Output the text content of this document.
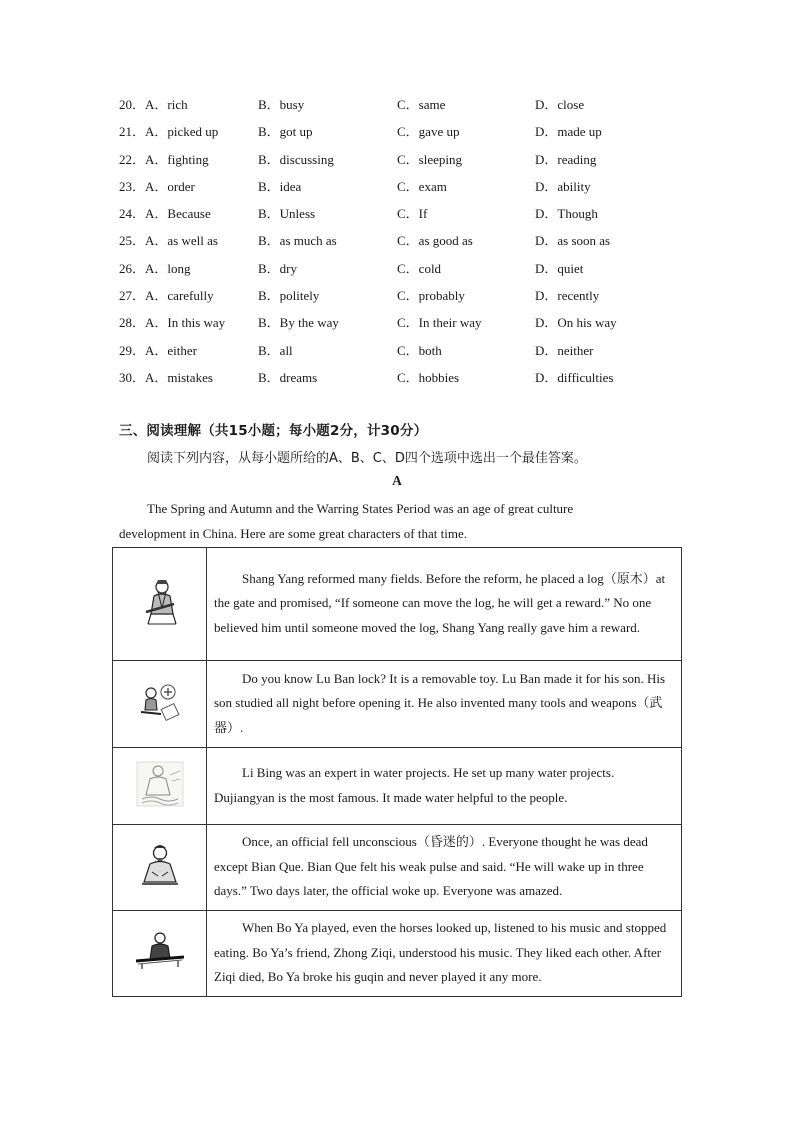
20．A．rich	B．busy	C．same	D．close
21．A．picked up	B．got up	C．gave up	D．made up
22．A．fighting	B．discussing	C．sleeping	D．reading
23．A．order	B．idea	C．exam	D．ability
24．A．Because	B．Unless	C．If	D．Though
25．A．as well as	B．as much as	C．as good as	D．as soon as
26．A．long	B．dry	C．cold	D．quiet
27．A．carefully	B．politely	C．probably	D．recently
28．A．In this way	B．By the way	C．In their way	D．On his way
29．A．either	B．all	C．both	D．neither
30．A．mistakes	B．dreams	C．hobbies	D．difficulties
三、阅读理解（共15小题；每小题2分，计30分）
阅读下列内容，从每小题所给的A、B、C、D四个选项中选出一个最佳答案。
A
The Spring and Autumn and the Warring States Period was an age of great culture development in China. Here are some great characters of that time.
	Shang Yang reformed many fields. Before the reform, he placed a log（原木）at the gate and promised, “If someone can move the log, he will get a reward.” No one believed him until someone moved the log, Shang Yang really gave him a reward.
	Do you know Lu Ban lock? It is a removable toy. Lu Ban made it for his son. His son studied all night before opening it. He also invented many tools and weapons（武器）.
	Li Bing was an expert in water projects. He set up many water projects. Dujiangyan is the most famous. It made water helpful to the people.
	Once, an official fell unconscious（昏迷的）. Everyone thought he was dead except Bian Que. Bian Que felt his weak pulse and said. “He will wake up in three days.” Two days later, the official woke up. Everyone was amazed.
	When Bo Ya played, even the horses looked up, listened to his music and stopped eating. Bo Ya’s friend, Zhong Ziqi, understood his music. They liked each other. After Ziqi died, Bo Ya broke his guqin and never played it any more.
